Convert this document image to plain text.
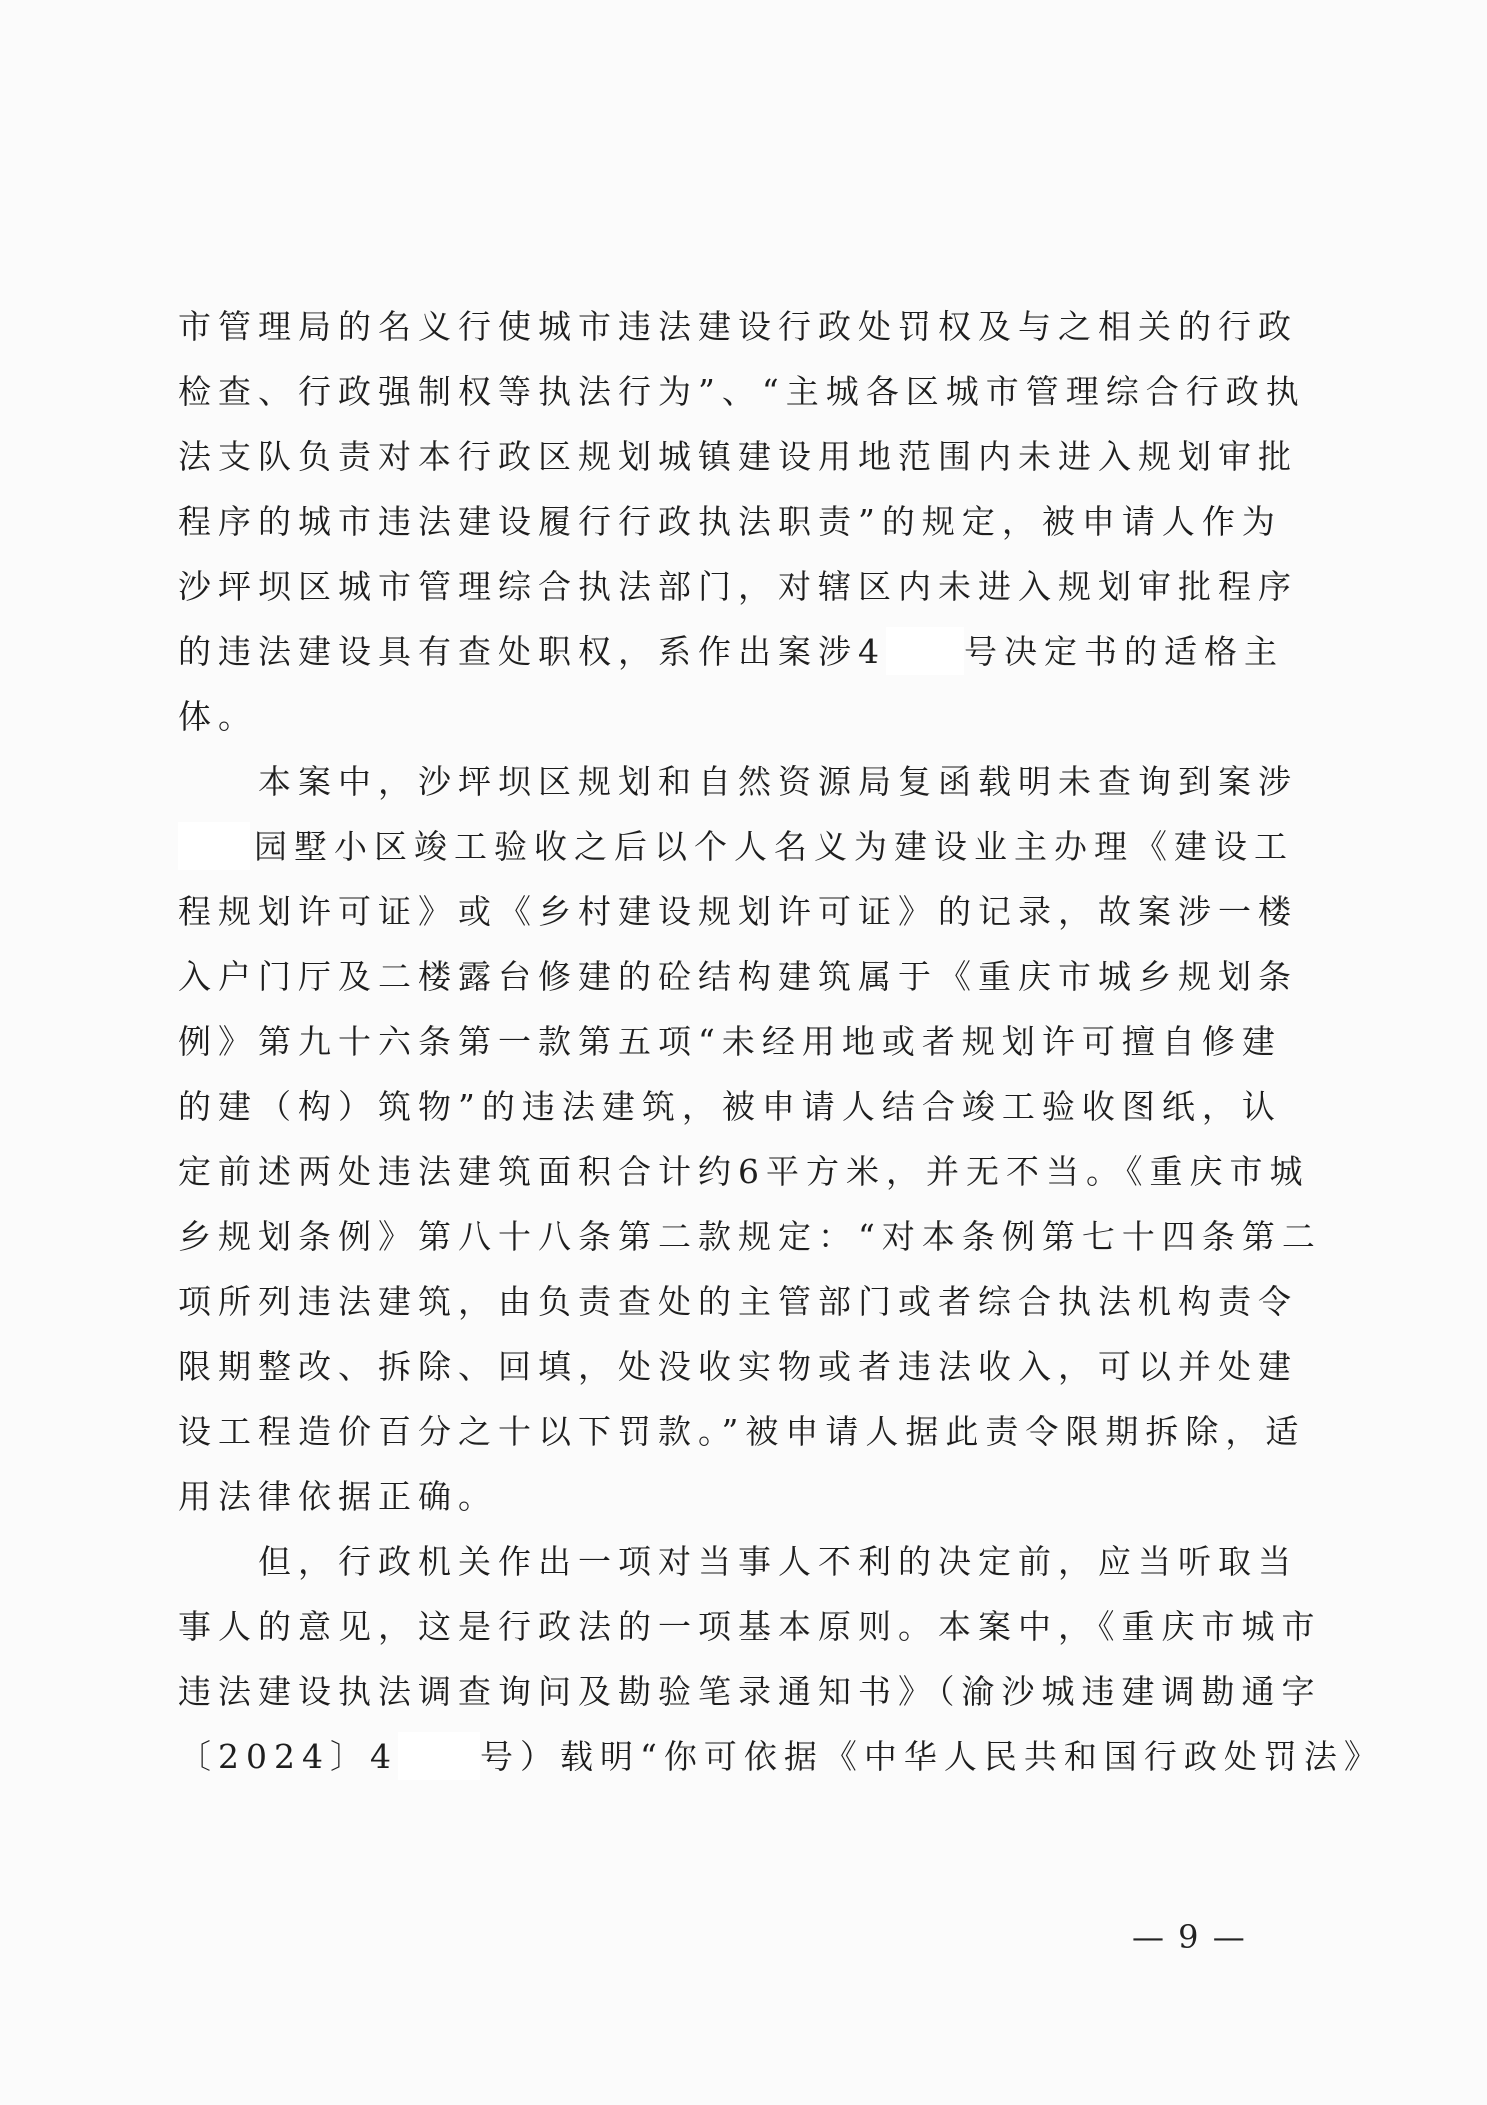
市管理局的名义行使城市违法建设行政处罚权及与之相关的行政
检查、行政强制权等执法行为”、“主城各区城市管理综合行政执
法支队负责对本行政区规划城镇建设用地范围内未进入规划审批
程序的城市违法建设履行行政执法职责”的规定，被申请人作为
沙坪坝区城市管理综合执法部门，对辖区内未进入规划审批程序
的违法建设具有查处职权，系作出案涉4 号决定书的适格主
体。
本案中，沙坪坝区规划和自然资源局复函载明未查询到案涉
园墅小区竣工验收之后以个人名义为建设业主办理《建设工
程规划许可证》或《乡村建设规划许可证》的记录，故案涉一楼
入户门厅及二楼露台修建的砼结构建筑属于《重庆市城乡规划条
例》第九十六条第一款第五项“未经用地或者规划许可擅自修建
的建（构）筑物”的违法建筑，被申请人结合竣工验收图纸，认
定前述两处违法建筑面积合计约6平方米，并无不当。《重庆市城
乡规划条例》第八十八条第二款规定：“对本条例第七十四条第二
项所列违法建筑，由负责查处的主管部门或者综合执法机构责令
限期整改、拆除、回填，处没收实物或者违法收入，可以并处建
设工程造价百分之十以下罚款。”被申请人据此责令限期拆除，适
用法律依据正确。
但，行政机关作出一项对当事人不利的决定前，应当听取当
事人的意见，这是行政法的一项基本原则。本案中，《重庆市城市
违法建设执法调查询问及勘验笔录通知书》（渝沙城违建调勘通字
〔2024〕4 号）载明“你可依据《中华人民共和国行政处罚法》
— 9 —
